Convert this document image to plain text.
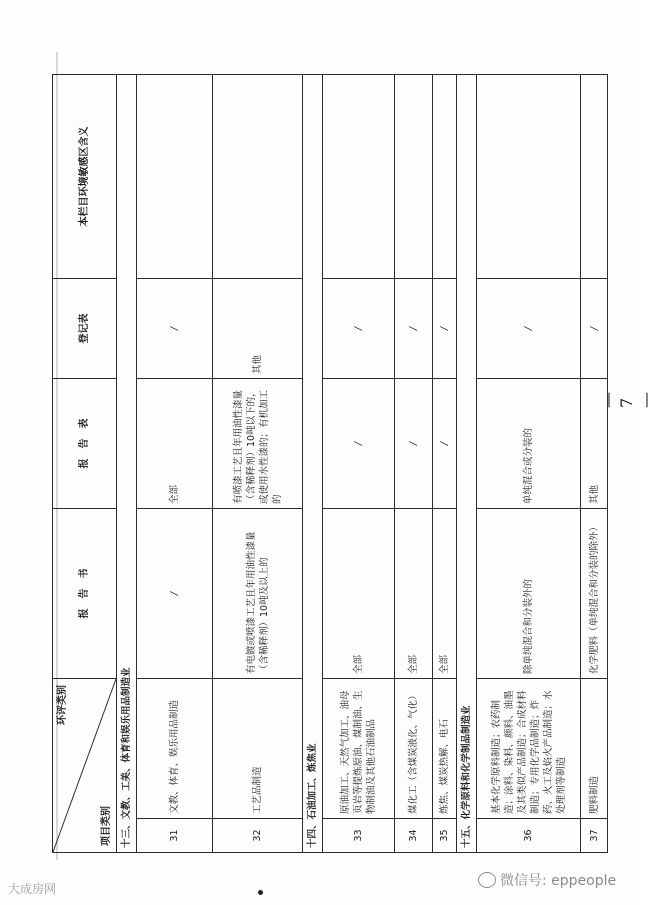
环评类别
项目类别		报　告　书	报　告　表	登记表	本栏目环境敏感区含义
十三、文教、工美、体育和娱乐用品制造业					
31	文教、体育、娱乐用品制造	/	全部	/	
32	工艺品制造	有电镀或喷漆工艺且年用油性漆量（含稀释剂）10吨及以上的	有喷漆工艺且年用油性漆量（含稀释剂）10吨以下的，或使用水性漆的；有机加工的	其他	
十四、石油加工、炼焦业					
33	原油加工、天然气加工、油母页岩等提炼原油、煤制油、生物制油及其他石油制品	全部	/	/	
34	煤化工（含煤炭液化、气化）	全部	/	/	
35	炼焦、煤炭热解、电石	全部	/	/	
十五、化学原料和化学制品制造业					
36	基本化学原料制造；农药制造；涂料、染料、颜料、油墨及其类似产品制造；合成材料制造；专用化学品制造；炸药、火工及焰火产品制造；水处理剂等制造	除单纯混合和分装外的	单纯混合或分装的	/	
37	肥料制造	化学肥料（单纯混合和分装的除外）	其他	/	
— 7 —
大成房网	微信号: eppeople
